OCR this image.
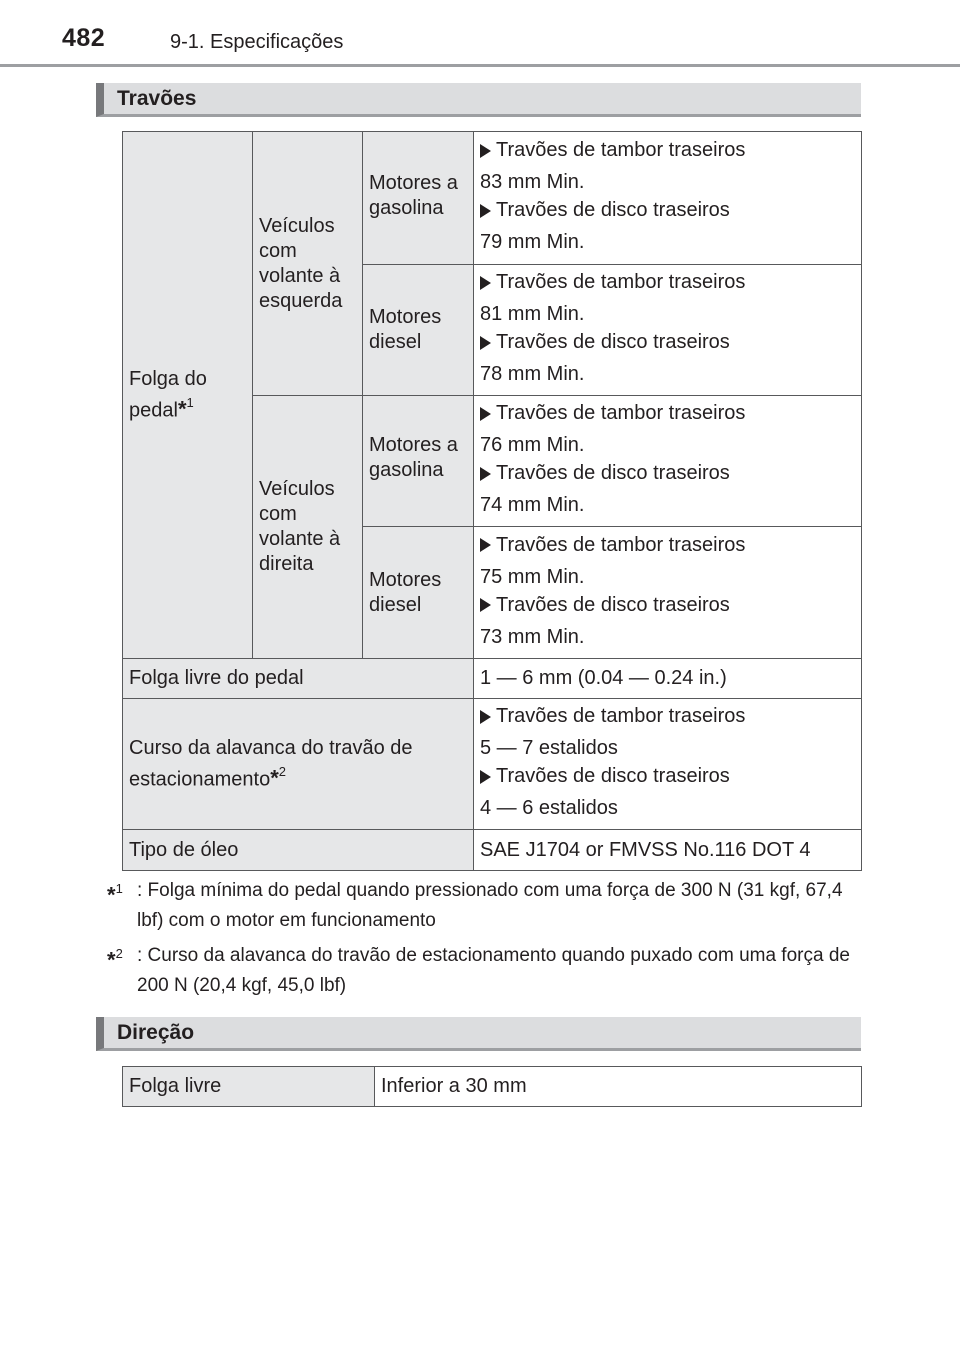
482	9-1. Especificações
Travões
Folga do pedal*$^1$	Veículos com volante à esquerda	Motores a gasolina	Travões de tambor traseiros
83 mm Min.
Travões de disco traseiros
79 mm Min.

		Motores diesel	Travões de tambor traseiros
81 mm Min.
Travões de disco traseiros
78 mm Min.

	Veículos com volante à direita	Motores a gasolina	Travões de tambor traseiros
76 mm Min.
Travões de disco traseiros
74 mm Min.

		Motores diesel	Travões de tambor traseiros
75 mm Min.
Travões de disco traseiros
73 mm Min.

Folga livre do pedal			1 — 6 mm (0.04 — 0.24 in.)
Curso da alavanca do travão de estacionamento*$^2$			Travões de tambor traseiros
5 — 7 estalidos
Travões de disco traseiros
4 — 6 estalidos

Tipo de óleo			SAE J1704 or FMVSS No.116 DOT 4
*$^1$ : Folga mínima do pedal quando pressionado com uma força de 300 N (31 kgf, 67,4 lbf) com o motor em funcionamento
*$^2$ : Curso da alavanca do travão de estacionamento quando puxado com uma força de 200 N (20,4 kgf, 45,0 lbf)
Direção
Folga livre	Inferior a 30 mm
